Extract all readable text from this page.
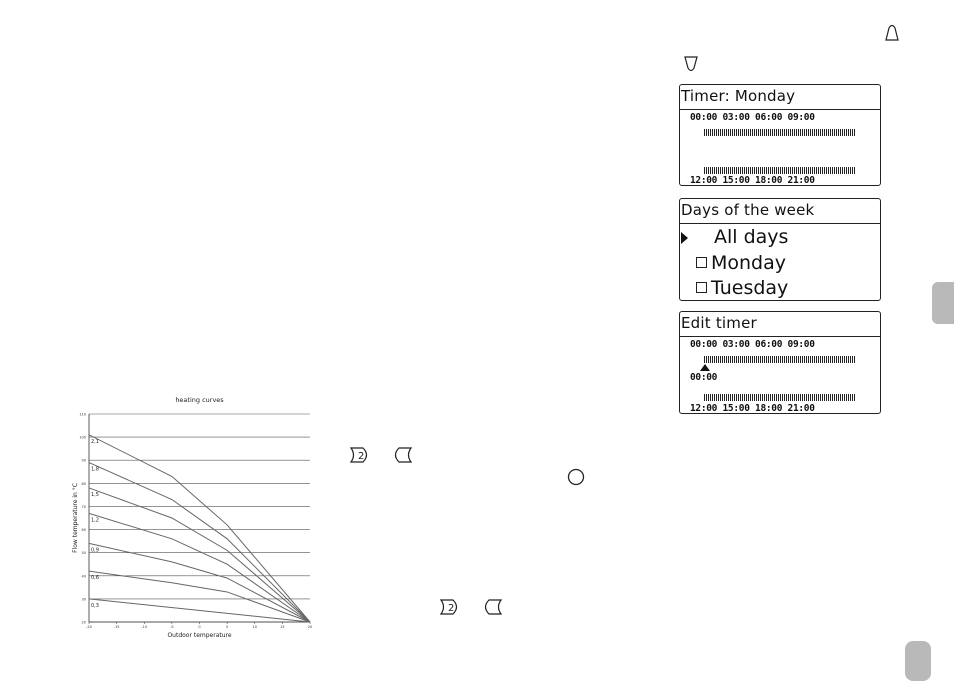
Timer: Monday
00:00 03:00 06:00 09:00
12:00 15:00 18:00 21:00
Days of the week
All days
Monday
Tuesday
Edit timer
00:00 03:00 06:00 09:00
00:00
12:00 15:00 18:00 21:00
2
2
heating curves
20
30
40
50
60
70
80
90
100
110
-20	-15	-10	-5	0	5	10	15	20
0,3
0,6
0,9
1,2
1,5
1,8
2,1
Outdoor temperature
Flow temperature in °C
